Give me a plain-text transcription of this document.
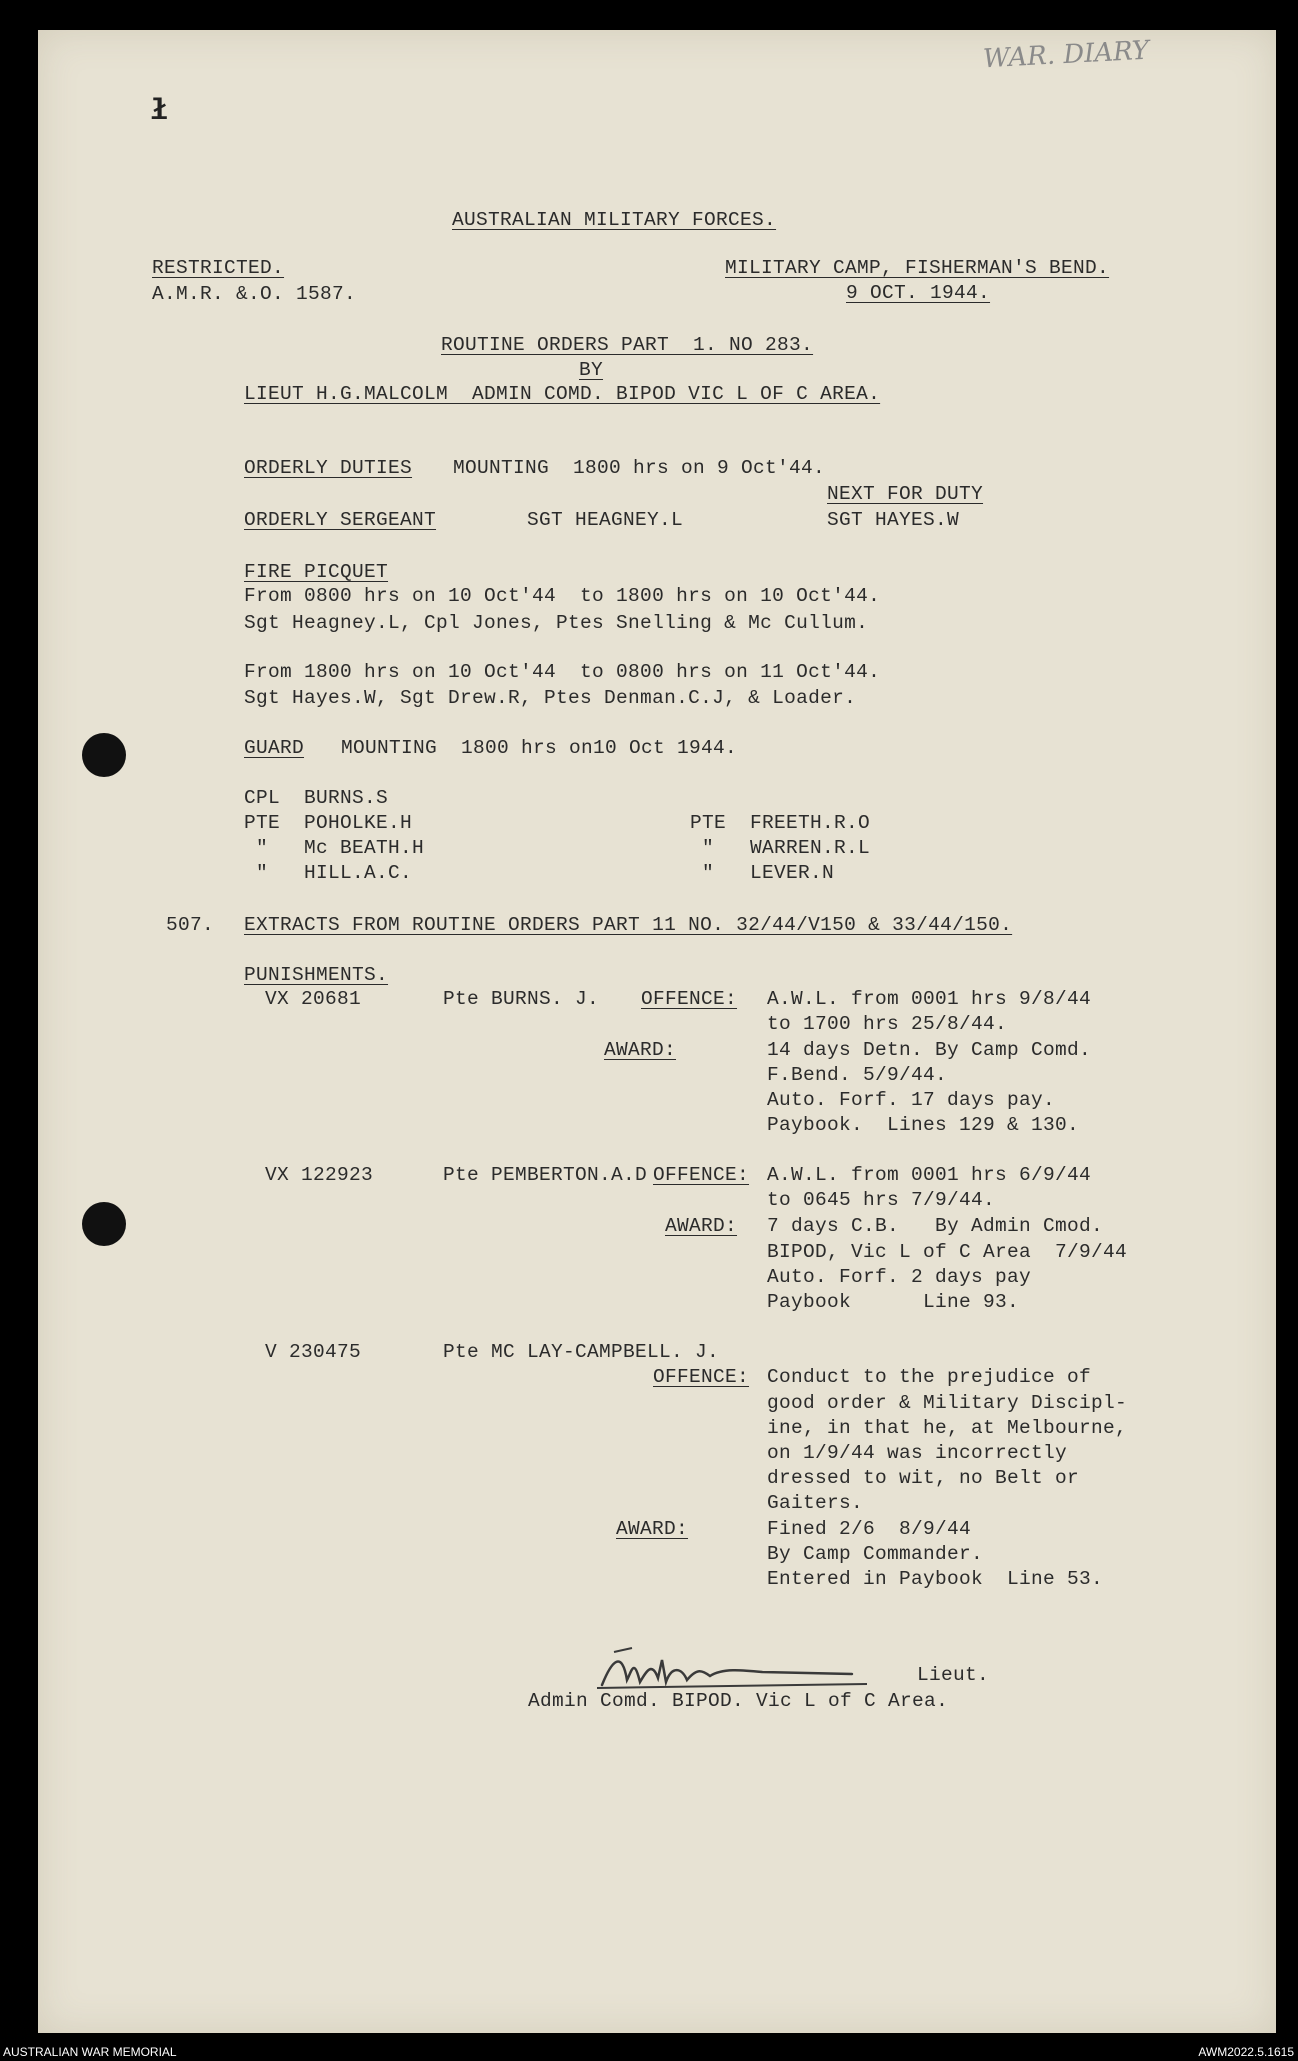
WAR. DIARY
ł
AUSTRALIAN MILITARY FORCES.
RESTRICTED.
A.M.R. &.O. 1587.
MILITARY CAMP, FISHERMAN'S BEND.
9 OCT. 1944.
ROUTINE ORDERS PART  1. NO 283.
BY
LIEUT H.G.MALCOLM  ADMIN COMD. BIPOD VIC L OF C AREA.
ORDERLY DUTIES MOUNTING  1800 hrs on 9 Oct'44.
NEXT FOR DUTY
ORDERLY SERGEANT	SGT HEAGNEY.L	SGT HAYES.W
FIRE PICQUET
From 0800 hrs on 10 Oct'44  to 1800 hrs on 10 Oct'44.
Sgt Heagney.L, Cpl Jones, Ptes Snelling & Mc Cullum.
From 1800 hrs on 10 Oct'44  to 0800 hrs on 11 Oct'44.
Sgt Hayes.W, Sgt Drew.R, Ptes Denman.C.J, & Loader.
GUARD MOUNTING  1800 hrs on10 Oct 1944.
CPL  BURNS.S
PTE  POHOLKE.H	PTE  FREETH.R.O
"   Mc BEATH.H	"   WARREN.R.L
"   HILL.A.C.	"   LEVER.N
507. EXTRACTS FROM ROUTINE ORDERS PART 11 NO. 32/44/V150 & 33/44/150.
PUNISHMENTS.
VX 20681	Pte BURNS. J. OFFENCE: A.W.L. from 0001 hrs 9/8/44
to 1700 hrs 25/8/44.
AWARD:	14 days Detn. By Camp Comd.
F.Bend. 5/9/44.
Auto. Forf. 17 days pay.
Paybook.  Lines 129 & 130.
VX 122923	Pte PEMBERTON.A.D OFFENCE: A.W.L. from 0001 hrs 6/9/44
to 0645 hrs 7/9/44.
AWARD: 7 days C.B.   By Admin Cmod.
BIPOD, Vic L of C Area  7/9/44
Auto. Forf. 2 days pay
Paybook      Line 93.
V 230475	Pte MC LAY-CAMPBELL. J.
OFFENCE: Conduct to the prejudice of
good order & Military Discipl-
ine, in that he, at Melbourne,
on 1/9/44 was incorrectly
dressed to wit, no Belt or
Gaiters.
AWARD:	Fined 2/6  8/9/44
By Camp Commander.
Entered in Paybook  Line 53.
Lieut.
Admin Comd. BIPOD. Vic L of C Area.
AUSTRALIAN WAR MEMORIAL	AWM2022.5.1615
